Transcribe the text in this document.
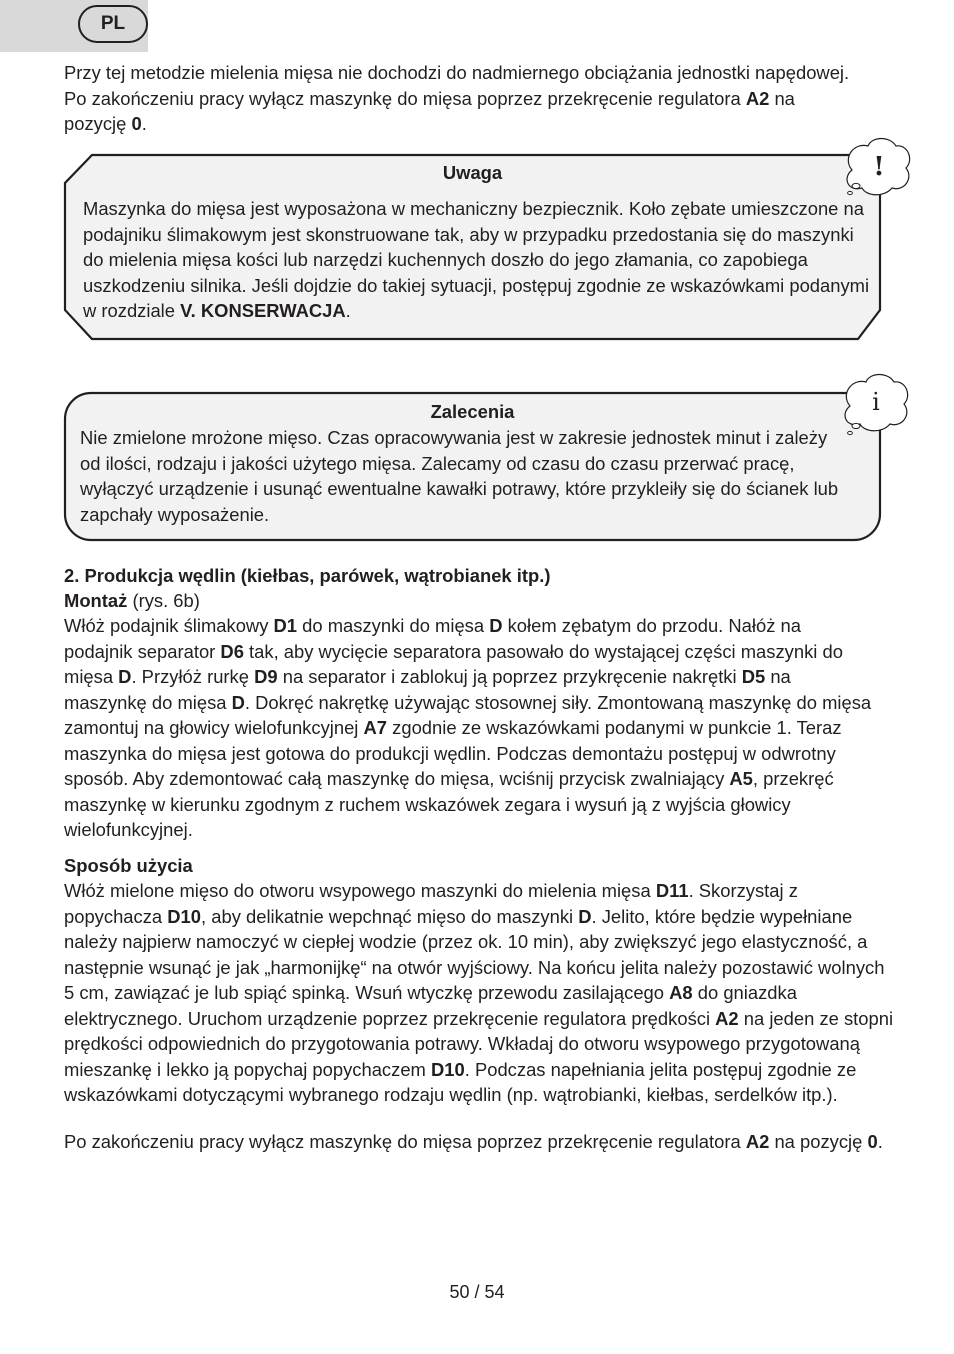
PL

Przy tej metodzie mielenia mięsa nie dochodzi do nadmiernego obciążania jednostki napędowej. Po zakończeniu pracy wyłącz maszynkę do mięsa poprzez przekręcenie regulatora A2 na pozycję 0.

!
i
Uwaga

Maszynka do mięsa jest wyposażona w mechaniczny bezpiecznik. Koło zębate umieszczone na podajniku ślimakowym jest skonstruowane tak, aby w przypadku przedostania się do maszynki do mielenia mięsa kości lub narzędzi kuchennych doszło do jego złamania, co zapobiega uszkodzeniu silnika. Jeśli dojdzie do takiej sytuacji, postępuj zgodnie ze wskazówkami podanymi w rozdziale V. KONSERWACJA.

Zalecenia

Nie zmielone mrożone mięso. Czas opracowywania jest w zakresie jednostek minut i zależy od ilości, rodzaju i jakości użytego mięsa. Zalecamy od czasu do czasu przerwać pracę, wyłączyć urządzenie i usunąć ewentualne kawałki potrawy, które przykleiły się do ścianek lub zapchały wyposażenie.

2. Produkcja wędlin (kiełbas, parówek, wątrobianek itp.)
Montaż (rys. 6b)

Włóż podajnik ślimakowy D1 do maszynki do mięsa D kołem zębatym do przodu. Nałóż na podajnik separator D6 tak, aby wycięcie separatora pasowało do wystającej części maszynki do mięsa D. Przyłóż rurkę D9 na separator i zablokuj ją poprzez przykręcenie nakrętki D5 na maszynkę do mięsa D. Dokręć nakrętkę używając stosownej siły. Zmontowaną maszynkę do mięsa zamontuj na głowicy wielofunkcyjnej A7 zgodnie ze wskazówkami podanymi w punkcie 1. Teraz maszynka do mięsa jest gotowa do produkcji wędlin. Podczas demontażu postępuj w odwrotny sposób. Aby zdemontować całą maszynkę do mięsa, wciśnij przycisk zwalniający A5, przekręć maszynkę w kierunku zgodnym z ruchem wskazówek zegara i wysuń ją z wyjścia głowicy wielofunkcyjnej.

Sposób użycia

Włóż mielone mięso do otworu wsypowego maszynki do mielenia mięsa D11. Skorzystaj z popychacza D10, aby delikatnie wepchnąć mięso do maszynki D. Jelito, które będzie wypełniane należy najpierw namoczyć w ciepłej wodzie (przez ok. 10 min), aby zwiększyć jego elastyczność, a następnie wsunąć je jak „harmonijkę“ na otwór wyjściowy. Na końcu jelita należy pozostawić wolnych 5 cm, zawiązać je lub spiąć spinką. Wsuń wtyczkę przewodu zasilającego A8 do gniazdka elektrycznego. Uruchom urządzenie poprzez przekręcenie regulatora prędkości A2 na jeden ze stopni prędkości odpowiednich do przygotowania potrawy. Wkładaj do otworu wsypowego przygotowaną mieszankę i lekko ją popychaj popychaczem D10. Podczas napełniania jelita postępuj zgodnie ze wskazówkami dotyczącymi wybranego rodzaju wędlin (np. wątrobianki, kiełbas, serdelków itp.).

Po zakończeniu pracy wyłącz maszynkę do mięsa poprzez przekręcenie regulatora A2 na pozycję 0.

50 / 54
